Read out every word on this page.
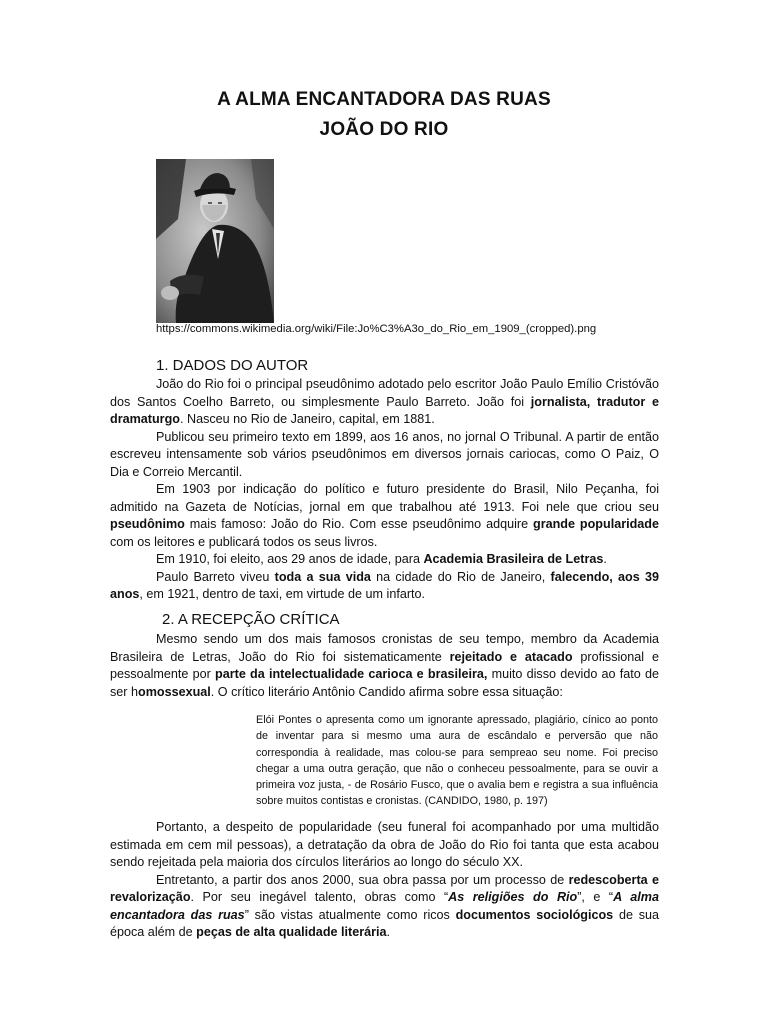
A ALMA ENCANTADORA DAS RUAS
JOÃO DO RIO
https://commons.wikimedia.org/wiki/File:Jo%C3%A3o_do_Rio_em_1909_(cropped).png
1. DADOS DO AUTOR

João do Rio foi o principal pseudônimo adotado pelo escritor João Paulo Emílio Cristóvão dos Santos Coelho Barreto, ou simplesmente Paulo Barreto. João foi jornalista, tradutor e dramaturgo. Nasceu no Rio de Janeiro, capital, em 1881.

Publicou seu primeiro texto em 1899, aos 16 anos, no jornal O Tribunal. A partir de então escreveu intensamente sob vários pseudônimos em diversos jornais cariocas, como O Paiz, O Dia e Correio Mercantil.

Em 1903 por indicação do político e futuro presidente do Brasil, Nilo Peçanha, foi admitido na Gazeta de Notícias, jornal em que trabalhou até 1913. Foi nele que criou seu pseudônimo mais famoso: João do Rio. Com esse pseudônimo adquire grande popularidade com os leitores e publicará todos os seus livros.

Em 1910, foi eleito, aos 29 anos de idade, para Academia Brasileira de Letras.

Paulo Barreto viveu toda a sua vida na cidade do Rio de Janeiro, falecendo, aos 39 anos, em 1921, dentro de taxi, em virtude de um infarto.

2. A RECEPÇÃO CRÍTICA

Mesmo sendo um dos mais famosos cronistas de seu tempo, membro da Academia Brasileira de Letras, João do Rio foi sistematicamente rejeitado e atacado profissional e pessoalmente por parte da intelectualidade carioca e brasileira, muito disso devido ao fato de ser homossexual. O crítico literário Antônio Candido afirma sobre essa situação:

Elói Pontes o apresenta como um ignorante apressado, plagiário, cínico ao ponto de inventar para si mesmo uma aura de escândalo e perversão que não correspondia à realidade, mas colou-se para sempreao seu nome. Foi preciso chegar a uma outra geração, que não o conheceu pessoalmente, para se ouvir a primeira voz justa, - de Rosário Fusco, que o avalia bem e registra a sua influência sobre muitos contistas e cronistas. (CANDIDO, 1980, p. 197)

Portanto, a despeito de popularidade (seu funeral foi acompanhado por uma multidão estimada em cem mil pessoas), a detratação da obra de João do Rio foi tanta que esta acabou sendo rejeitada pela maioria dos círculos literários ao longo do século XX.

Entretanto, a partir dos anos 2000, sua obra passa por um processo de redescoberta e revalorização. Por seu inegável talento, obras como “As religiões do Rio”, e “A alma encantadora das ruas” são vistas atualmente como ricos documentos sociológicos de sua época além de peças de alta qualidade literária.
